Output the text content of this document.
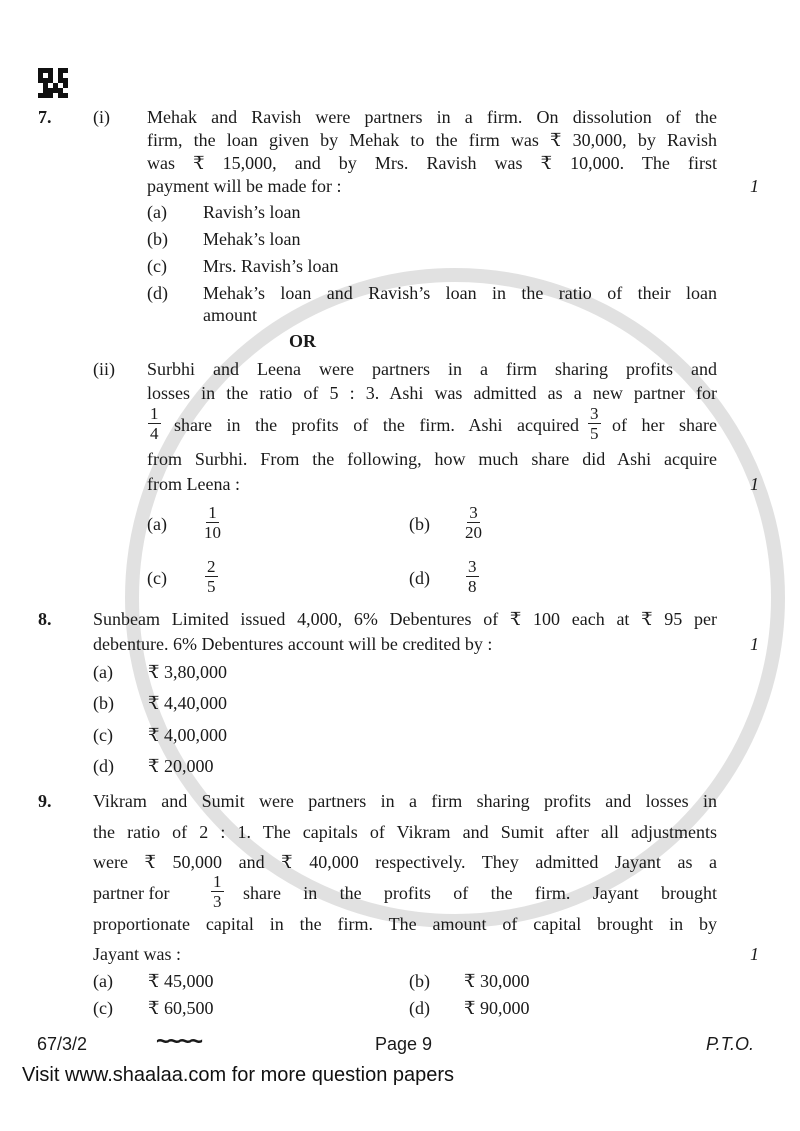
7. (i) Mehak and Ravish were partners in a firm. On dissolution of the
firm, the loan given by Mehak to the firm was ₹ 30,000, by Ravish
was ₹ 15,000, and by Mrs. Ravish was ₹ 10,000. The first
payment will be made for :	1
(a) Ravish’s loan
(b) Mehak’s loan
(c) Mrs. Ravish’s loan
(d) Mehak’s loan and Ravish’s loan in the ratio of their loan
amount
OR
(ii) Surbhi and Leena were partners in a firm sharing profits and
losses in the ratio of 5 : 3. Ashi was admitted as a new partner for
$\frac{1}{4}$ share in the profits of the firm. Ashi acquired $\frac{3}{5}$ of her share
from Surbhi. From the following, how much share did Ashi acquire
from Leena :	1
$(a) \frac{1}{10}$	$(b) \frac{3}{20}$
$(c) \frac{2}{5}$	$(d) \frac{3}{8}$
8. Sunbeam Limited issued 4,000, 6% Debentures of ₹ 100 each at ₹ 95 per
debenture. 6% Debentures account will be credited by :	1
(a) ₹ 3,80,000
(b) ₹ 4,40,000
(c) ₹ 4,00,000
(d) ₹ 20,000
9. Vikram and Sumit were partners in a firm sharing profits and losses in
the ratio of 2 : 1. The capitals of Vikram and Sumit after all adjustments
were ₹ 50,000 and ₹ 40,000 respectively. They admitted Jayant as a
partner for $\frac{1}{3}$ share in the profits of the firm. Jayant brought
proportionate capital in the firm. The amount of capital brought in by
Jayant was :	1
(a) ₹ 45,000	(b) ₹ 30,000
(c) ₹ 60,500	(d) ₹ 90,000
67/3/2	~~~~	Page 9	P.T.O.
Visit www.shaalaa.com for more question papers
